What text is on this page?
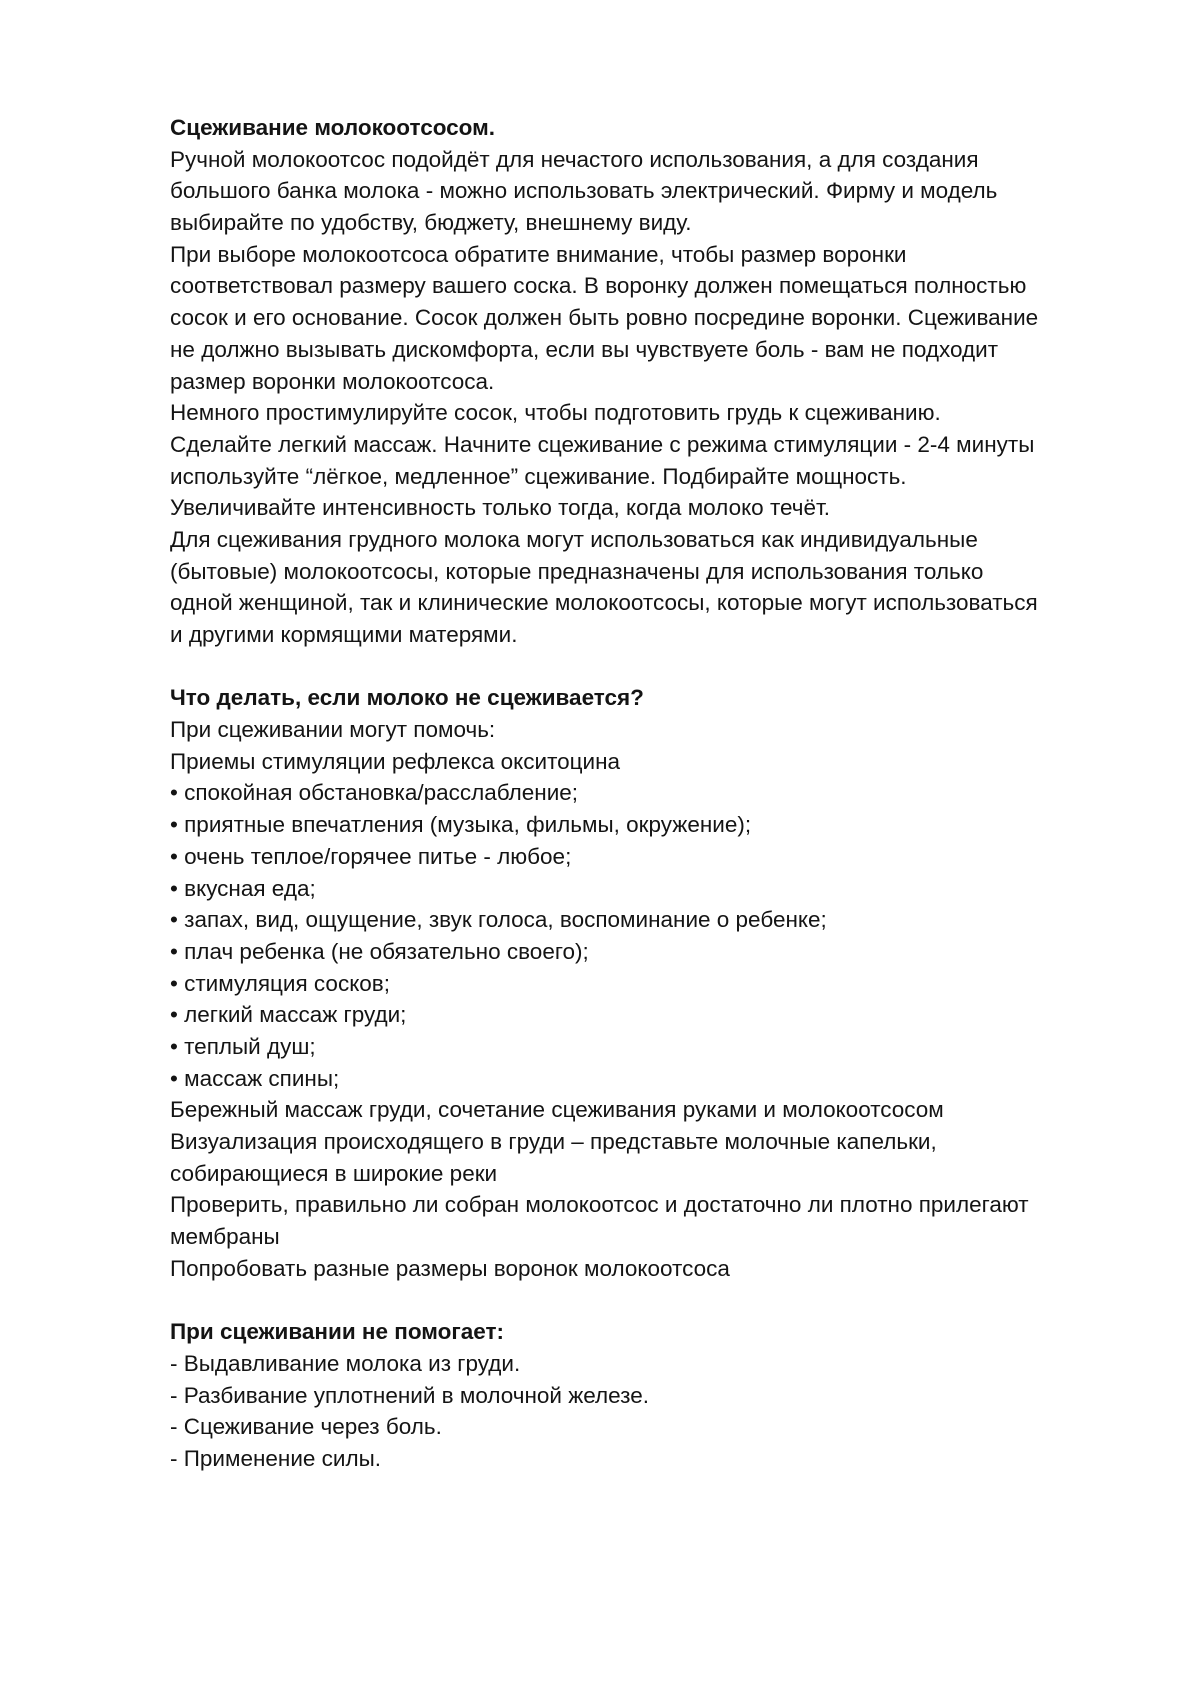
Сцеживание молокоотсосом.

Ручной молокоотсос подойдёт для нечастого использования, а для создания

большого банка молока - можно использовать электрический. Фирму и модель

выбирайте по удобству, бюджету, внешнему виду.

При выборе молокоотсоса обратите внимание, чтобы размер воронки

соответствовал размеру вашего соска. В воронку должен помещаться полностью

сосок и его основание. Сосок должен быть ровно посредине воронки. Сцеживание

не должно вызывать дискомфорта, если вы чувствуете боль - вам не подходит

размер воронки молокоотсоса.

Немного простимулируйте сосок, чтобы подготовить грудь к сцеживанию.

Сделайте легкий массаж. Начните сцеживание с режима стимуляции - 2-4 минуты

используйте “лёгкое, медленное” сцеживание. Подбирайте мощность.

Увеличивайте интенсивность только тогда, когда молоко течёт.

Для сцеживания грудного молока могут использоваться как индивидуальные

(бытовые) молокоотсосы, которые предназначены для использования только

одной женщиной, так и клинические молокоотсосы, которые могут использоваться

и другими кормящими матерями.

Что делать, если молоко не сцеживается?

При сцеживании могут помочь:

Приемы стимуляции рефлекса окситоцина

• спокойная обстановка/расслабление;

• приятные впечатления (музыка, фильмы, окружение);

• очень теплое/горячее питье - любое;

• вкусная еда;

• запах, вид, ощущение, звук голоса, воспоминание о ребенке;

• плач ребенка (не обязательно своего);

• стимуляция сосков;

• легкий массаж груди;

• теплый душ;

• массаж спины;

Бережный массаж груди, сочетание сцеживания руками и молокоотсосом

Визуализация происходящего в груди – представьте молочные капельки,

собирающиеся в широкие реки

Проверить, правильно ли собран молокоотсос и достаточно ли плотно прилегают

мембраны

Попробовать разные размеры воронок молокоотсоса

При сцеживании не помогает:

- Выдавливание молока из груди.

- Разбивание уплотнений в молочной железе.

- Сцеживание через боль.

- Применение силы.
